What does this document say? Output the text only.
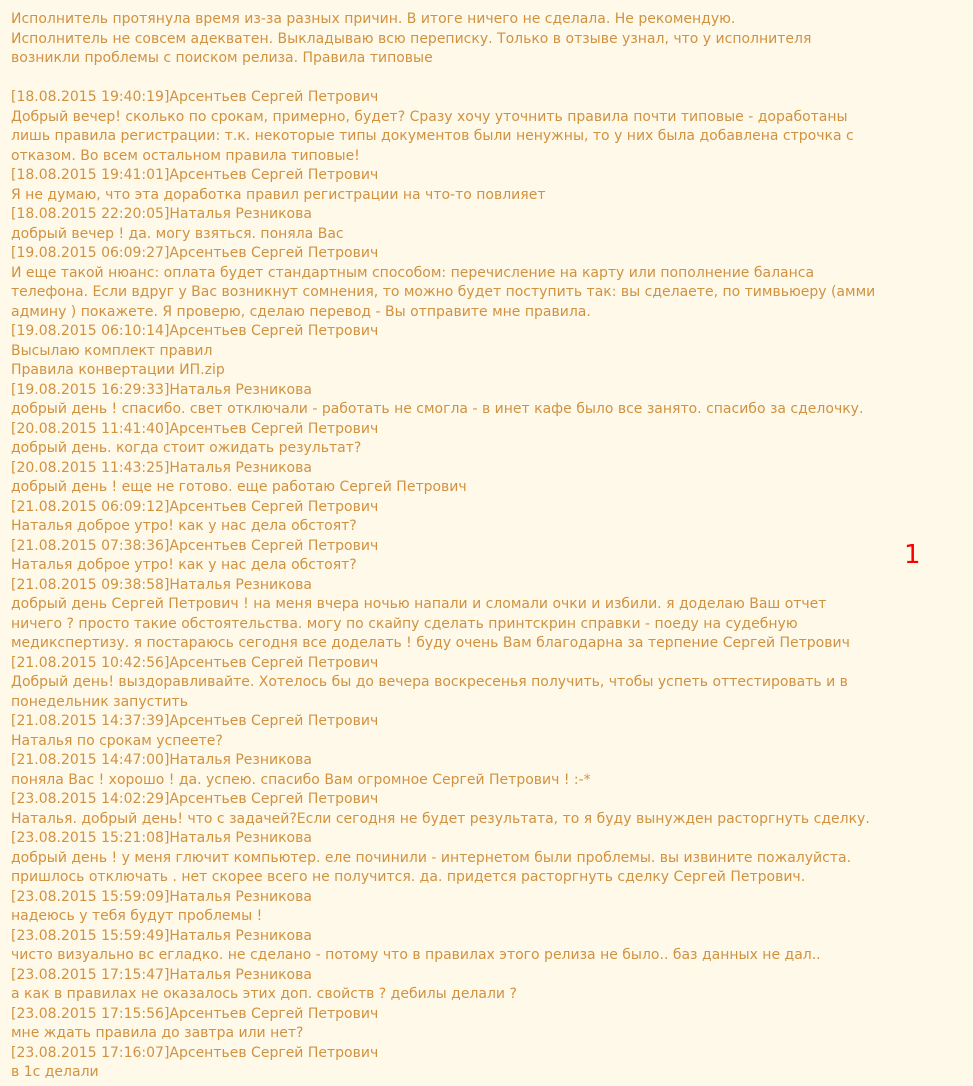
Исполнитель протянула время из-за разных причин. В итоге ничего не сделала. Не рекомендую.
Исполнитель не совсем адекватен. Выкладываю всю переписку. Только в отзыве узнал, что у исполнителя
возникли проблемы с поиском релиза. Правила типовые
[18.08.2015 19:40:19]Арсентьев Сергей Петрович
Добрый вечер! сколько по срокам, примерно, будет? Сразу хочу уточнить правила почти типовые - доработаны
лишь правила регистрации: т.к. некоторые типы документов были ненужны, то у них была добавлена строчка с
отказом. Во всем остальном правила типовые!
[18.08.2015 19:41:01]Арсентьев Сергей Петрович
Я не думаю, что эта доработка правил регистрации на что-то повлияет
[18.08.2015 22:20:05]Наталья Резникова
добрый вечер ! да. могу взяться. поняла Вас
[19.08.2015 06:09:27]Арсентьев Сергей Петрович
И еще такой нюанс: оплата будет стандартным способом: перечисление на карту или пополнение баланса
телефона. Если вдруг у Вас возникнут сомнения, то можно будет поступить так: вы сделаете, по тимвьюеру (амми
админу ) покажете. Я проверю, сделаю перевод - Вы отправите мне правила.
[19.08.2015 06:10:14]Арсентьев Сергей Петрович
Высылаю комплект правил
Правила конвертации ИП.zip
[19.08.2015 16:29:33]Наталья Резникова
добрый день ! спасибо. свет отключали - работать не смогла - в инет кафе было все занято. спасибо за сделочку.
[20.08.2015 11:41:40]Арсентьев Сергей Петрович
добрый день. когда стоит ожидать результат?
[20.08.2015 11:43:25]Наталья Резникова
добрый день ! еще не готово. еще работаю Сергей Петрович
[21.08.2015 06:09:12]Арсентьев Сергей Петрович
Наталья доброе утро! как у нас дела обстоят?
[21.08.2015 07:38:36]Арсентьев Сергей Петрович
Наталья доброе утро! как у нас дела обстоят?
[21.08.2015 09:38:58]Наталья Резникова
добрый день Сергей Петрович ! на меня вчера ночью напали и сломали очки и избили. я доделаю Ваш отчет
ничего ? просто такие обстоятельства. могу по скайпу сделать принтскрин справки - поеду на судебную
медикспертизу. я постараюсь сегодня все доделать ! буду очень Вам благодарна за терпение Сергей Петрович
[21.08.2015 10:42:56]Арсентьев Сергей Петрович
Добрый день! выздоравливайте. Хотелось бы до вечера воскресенья получить, чтобы успеть оттестировать и в
понедельник запустить
[21.08.2015 14:37:39]Арсентьев Сергей Петрович
Наталья по срокам успеете?
[21.08.2015 14:47:00]Наталья Резникова
поняла Вас ! хорошо ! да. успею. спасибо Вам огромное Сергей Петрович ! :-*
[23.08.2015 14:02:29]Арсентьев Сергей Петрович
Наталья. добрый день! что с задачей?Если сегодня не будет результата, то я буду вынужден расторгнуть сделку.
[23.08.2015 15:21:08]Наталья Резникова
добрый день ! у меня глючит компьютер. еле починили - интернетом были проблемы. вы извините пожалуйста.
пришлось отключать . нет скорее всего не получится. да. придется расторгнуть сделку Сергей Петрович.
[23.08.2015 15:59:09]Наталья Резникова
надеюсь у тебя будут проблемы !
[23.08.2015 15:59:49]Наталья Резникова
чисто визуально вс егладко. не сделано - потому что в правилах этого релиза не было.. баз данных не дал..
[23.08.2015 17:15:47]Наталья Резникова
а как в правилах не оказалось этих доп. свойств ? дебилы делали ?
[23.08.2015 17:15:56]Арсентьев Сергей Петрович
мне ждать правила до завтра или нет?
[23.08.2015 17:16:07]Арсентьев Сергей Петрович
в 1с делали
1
